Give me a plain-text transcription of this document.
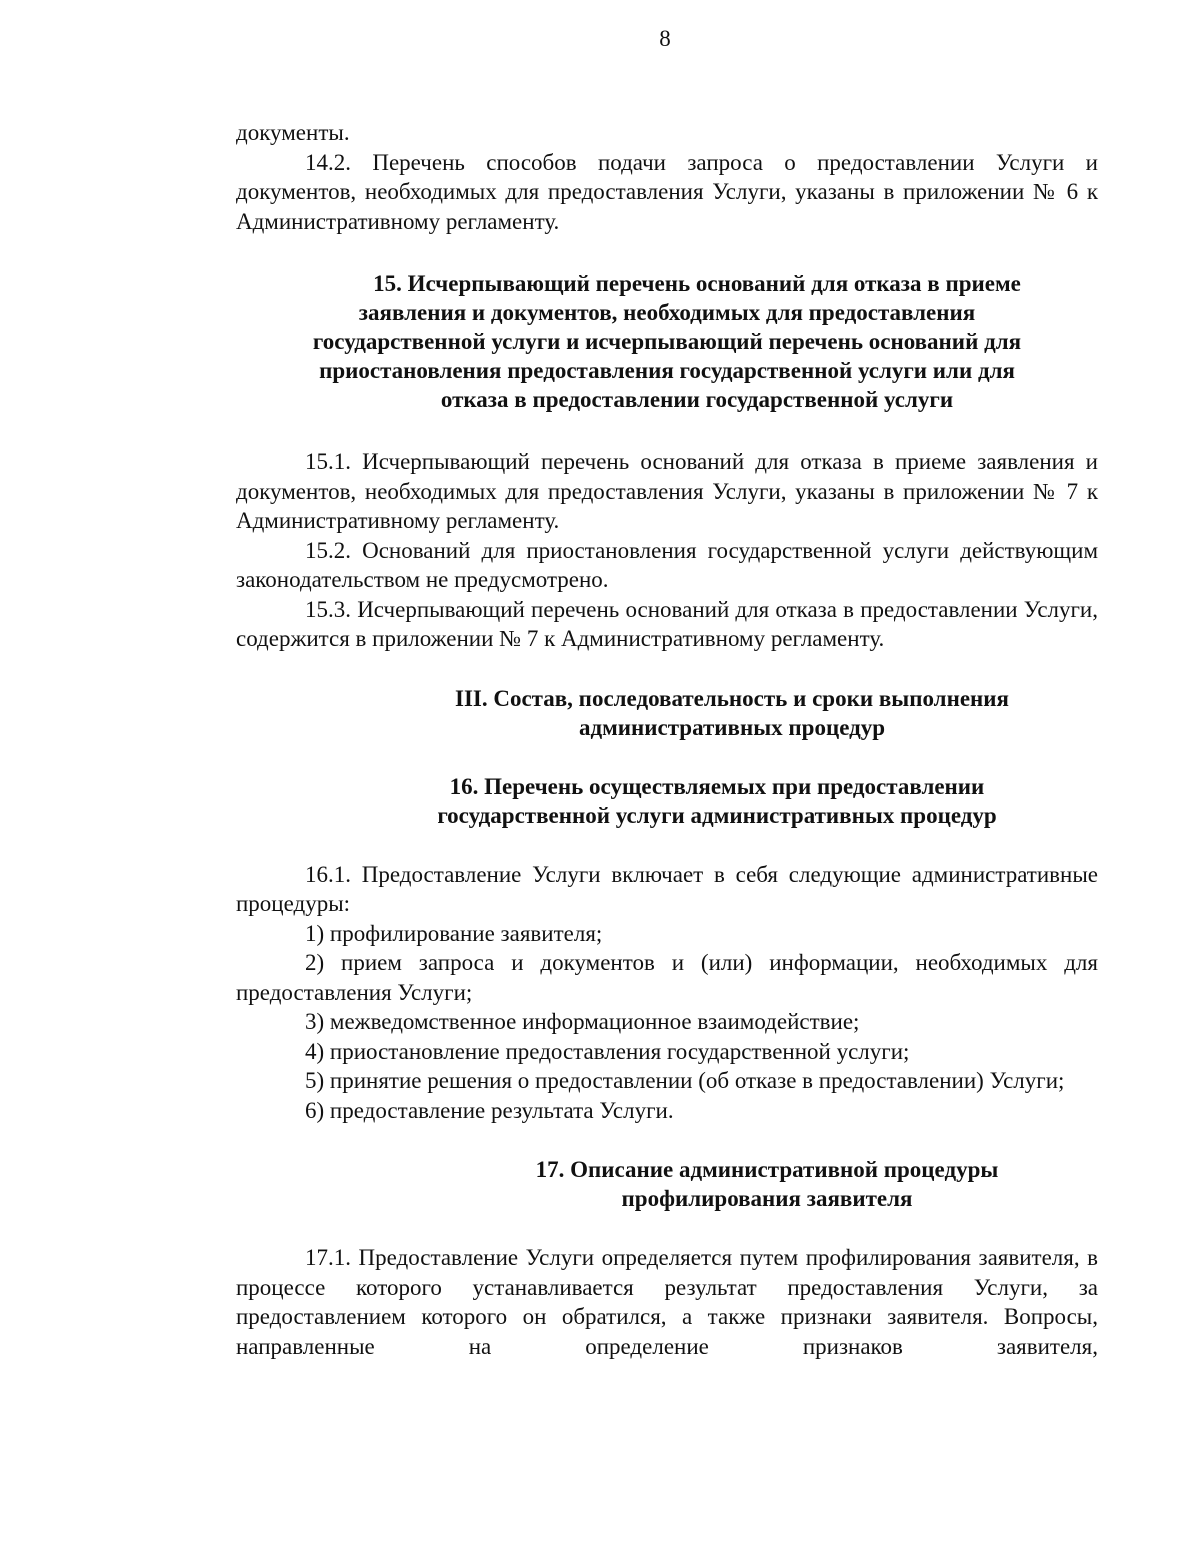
8

документы.

14.2. Перечень способов подачи запроса о предоставлении Услуги и документов, необходимых для предоставления Услуги, указаны в приложении № 6 к Административному регламенту.

15. Исчерпывающий перечень оснований для отказа в приеме

заявления и документов, необходимых для предоставления

государственной услуги и исчерпывающий перечень оснований для

приостановления предоставления государственной услуги или для

отказа в предоставлении государственной услуги

15.1. Исчерпывающий перечень оснований для отказа в приеме заявления и документов, необходимых для предоставления Услуги, указаны в приложении № 7 к Административному регламенту.

15.2. Оснований для приостановления государственной услуги действующим законодательством не предусмотрено.

15.3. Исчерпывающий перечень оснований для отказа в предоставлении Услуги, содержится в приложении № 7 к Административному регламенту.

III. Состав, последовательность и сроки выполнения

административных процедур

16. Перечень осуществляемых при предоставлении

государственной услуги административных процедур

16.1. Предоставление Услуги включает в себя следующие административные процедуры:

1) профилирование заявителя;

2) прием запроса и документов и (или) информации, необходимых для предоставления Услуги;

3) межведомственное информационное взаимодействие;

4) приостановление предоставления государственной услуги;

5) принятие решения о предоставлении (об отказе в предоставлении) Услуги;

6) предоставление результата Услуги.

17. Описание административной процедуры

профилирования заявителя

17.1. Предоставление Услуги определяется путем профилирования заявителя, в процессе которого устанавливается результат предоставления Услуги, за предоставлением которого он обратился, а также признаки заявителя. Вопросы, направленные на определение признаков заявителя,
